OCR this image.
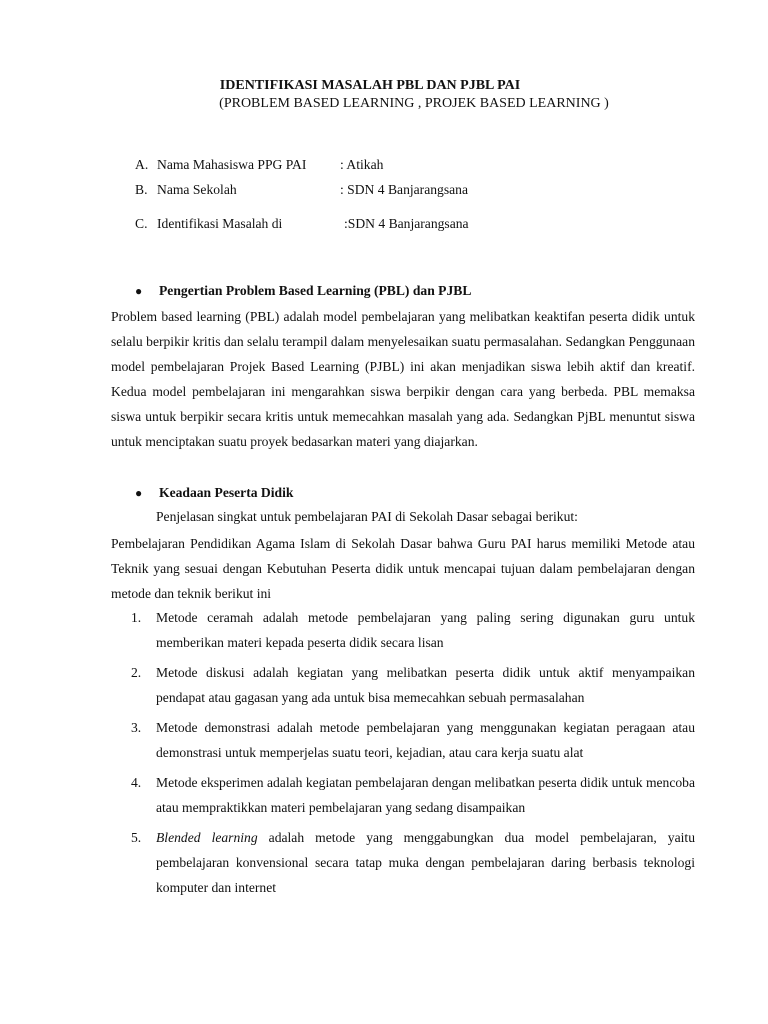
IDENTIFIKASI MASALAH PBL DAN PJBL PAI
(PROBLEM BASED LEARNING , PROJEK BASED LEARNING )
A. Nama Mahasiswa PPG PAI : Atikah
B. Nama Sekolah	: SDN 4 Banjarangsana
C. Identifikasi Masalah di	:SDN 4 Banjarangsana
● Pengertian Problem Based Learning (PBL) dan PJBL
Problem based learning (PBL) adalah model pembelajaran yang melibatkan keaktifan peserta didik untuk selalu berpikir kritis dan selalu terampil dalam menyelesaikan suatu permasalahan. Sedangkan Penggunaan model pembelajaran Projek Based Learning (PJBL) ini akan menjadikan siswa lebih aktif dan kreatif. Kedua model pembelajaran ini mengarahkan siswa berpikir dengan cara yang berbeda. PBL memaksa siswa untuk berpikir secara kritis untuk memecahkan masalah yang ada. Sedangkan PjBL menuntut siswa untuk menciptakan suatu proyek bedasarkan materi yang diajarkan.
● Keadaan Peserta Didik
Penjelasan singkat untuk pembelajaran PAI di Sekolah Dasar sebagai berikut:
Pembelajaran Pendidikan Agama Islam di Sekolah Dasar bahwa Guru PAI harus memiliki Metode atau Teknik yang sesuai dengan Kebutuhan Peserta didik untuk mencapai tujuan dalam pembelajaran dengan metode dan teknik berikut ini
1. Metode ceramah adalah metode pembelajaran yang paling sering digunakan guru untuk memberikan materi kepada peserta didik secara lisan
2. Metode diskusi adalah kegiatan yang melibatkan peserta didik untuk aktif menyampaikan pendapat atau gagasan yang ada untuk bisa memecahkan sebuah permasalahan
3. Metode demonstrasi adalah metode pembelajaran yang menggunakan kegiatan peragaan atau demonstrasi untuk memperjelas suatu teori, kejadian, atau cara kerja suatu alat
4. Metode eksperimen adalah kegiatan pembelajaran dengan melibatkan peserta didik untuk mencoba atau mempraktikkan materi pembelajaran yang sedang disampaikan
5. Blended learning adalah metode yang menggabungkan dua model pembelajaran, yaitu pembelajaran konvensional secara tatap muka dengan pembelajaran daring berbasis teknologi komputer dan internet
